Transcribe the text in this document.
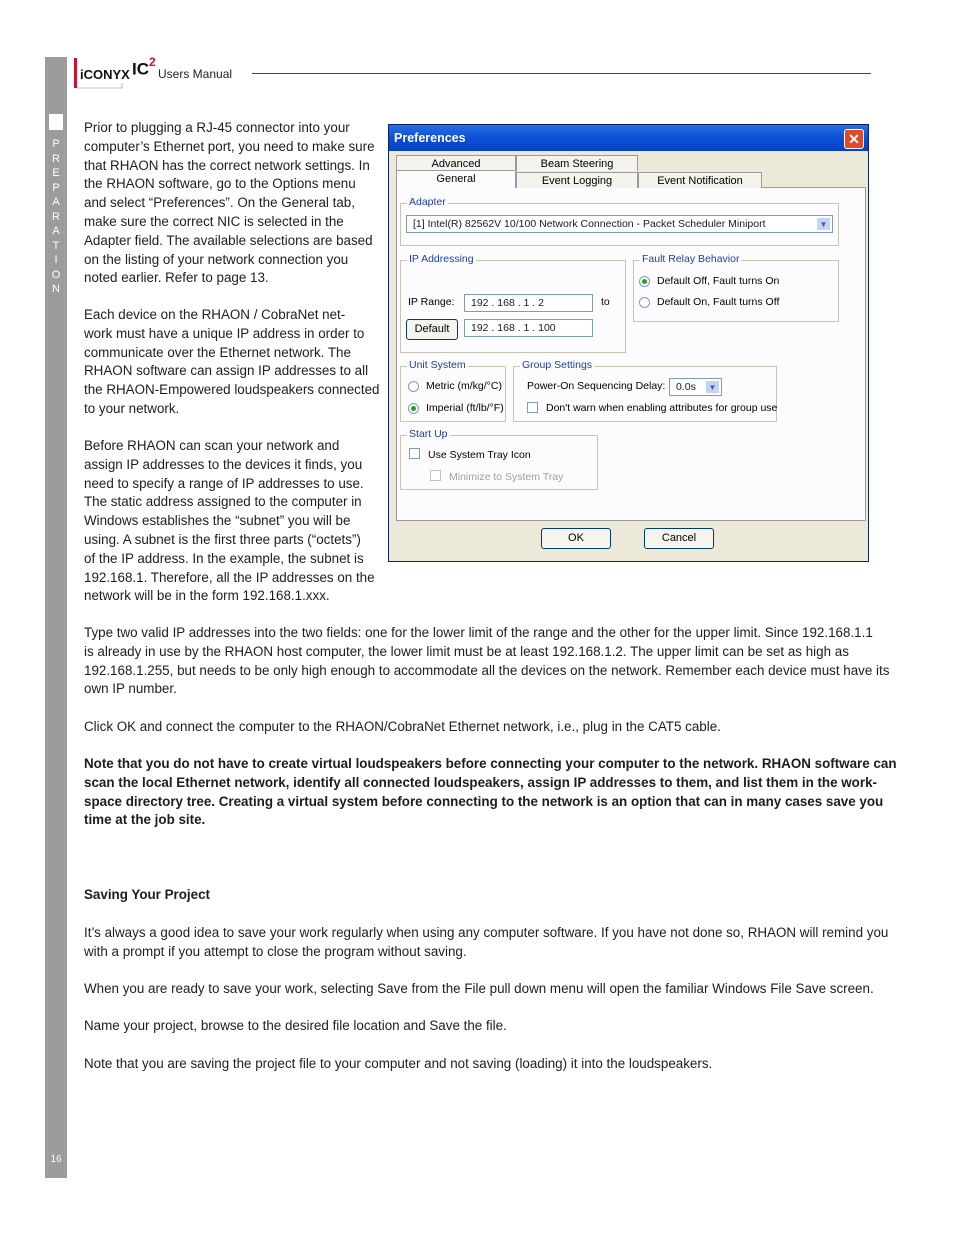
P
R
E
P
A
R
A
T
I
O
N
16
iCONYX $IC^2$
Users Manual
Prior to plugging a RJ-45 connector into your
computer’s Ethernet port, you need to make sure
that RHAON has the correct network settings. In
the RHAON software, go to the Options menu
and select “Preferences”. On the General tab,
make sure the correct NIC is selected in the
Adapter field. The available selections are based
on the listing of your network connection you
noted earlier. Refer to page 13.
Each device on the RHAON / CobraNet net-
work must have a unique IP address in order to
communicate over the Ethernet network. The
RHAON software can assign IP addresses to all
the RHAON-Empowered loudspeakers connected
to your network.
Before RHAON can scan your network and
assign IP addresses to the devices it finds, you
need to specify a range of IP addresses to use.
The static address assigned to the computer in
Windows establishes the “subnet” you will be
using. A subnet is the first three parts (“octets”)
of the IP address. In the example, the subnet is
192.168.1. Therefore, all the IP addresses on the
network will be in the form 192.168.1.xxx.
Preferences	✕
Advanced	Beam Steering
General	Event Logging	Event Notification
Adapter
[1] Intel(R) 82562V 10/100 Network Connection - Packet Scheduler Miniport	▼
IP Addressing
IP Range:	192 . 168 . 1 . 2	to
Default	192 . 168 . 1 . 100
Fault Relay Behavior
Default Off, Fault turns On
Default On, Fault turns Off
Unit System
Metric (m/kg/°C)
Imperial (ft/lb/°F)
Group Settings
Power-On Sequencing Delay:	0.0s	▼
Don't warn when enabling attributes for group use
Start Up
Use System Tray Icon
Minimize to System Tray
OK	Cancel
Type two valid IP addresses into the two fields: one for the lower limit of the range and the other for the upper limit. Since 192.168.1.1
is already in use by the RHAON host computer, the lower limit must be at least 192.168.1.2. The upper limit can be set as high as
192.168.1.255, but needs to be only high enough to accommodate all the devices on the network. Remember each device must have its
own IP number.
Click OK and connect the computer to the RHAON/CobraNet Ethernet network, i.e., plug in the CAT5 cable.
Note that you do not have to create virtual loudspeakers before connecting your computer to the network. RHAON software can
scan the local Ethernet network, identify all connected loudspeakers, assign IP addresses to them, and list them in the work-
space directory tree. Creating a virtual system before connecting to the network is an option that can in many cases save you
time at the job site.
Saving Your Project
It’s always a good idea to save your work regularly when using any computer software. If you have not done so, RHAON will remind you
with a prompt if you attempt to close the program without saving.
When you are ready to save your work, selecting Save from the File pull down menu will open the familiar Windows File Save screen.
Name your project, browse to the desired file location and Save the file.
Note that you are saving the project file to your computer and not saving (loading) it into the loudspeakers.
